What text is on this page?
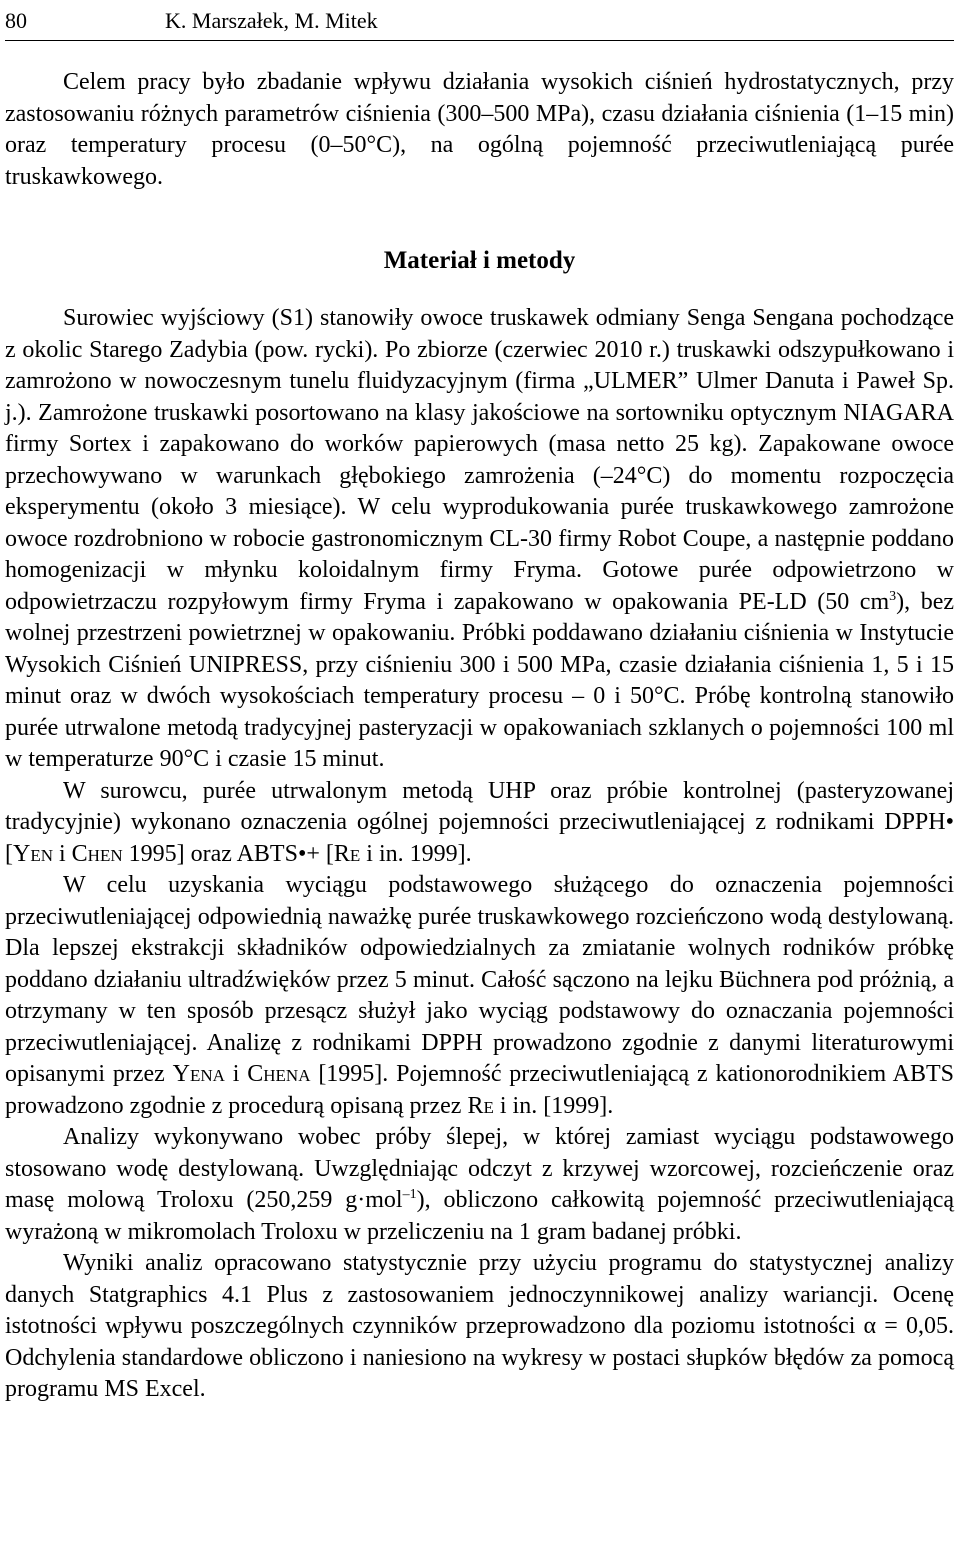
80	K. Marszałek, M. Mitek

Celem pracy było zbadanie wpływu działania wysokich ciśnień hydrostatycznych, przy zastosowaniu różnych parametrów ciśnienia (300–500 MPa), czasu działania ciśnienia (1–15 min) oraz temperatury procesu (0–50°C), na ogólną pojemność przeciwutleniającą purée truskawkowego.

Materiał i metody

Surowiec wyjściowy (S1) stanowiły owoce truskawek odmiany Senga Sengana pochodzące z okolic Starego Zadybia (pow. rycki). Po zbiorze (czerwiec 2010 r.) truskawki odszypułkowano i zamrożono w nowoczesnym tunelu fluidyzacyjnym (firma „ULMER” Ulmer Danuta i Paweł Sp. j.). Zamrożone truskawki posortowano na klasy jakościowe na sortowniku optycznym NIAGARA firmy Sortex i zapakowano do worków papierowych (masa netto 25 kg). Zapakowane owoce przechowywano w warunkach głębokiego zamrożenia (–24°C) do momentu rozpoczęcia eksperymentu (około 3 miesiące). W celu wyprodukowania purée truskawkowego zamrożone owoce rozdrobniono w robocie gastronomicznym CL-30 firmy Robot Coupe, a następnie poddano homogenizacji w młynku koloidalnym firmy Fryma. Gotowe purée odpowietrzono w odpowietrzaczu rozpyłowym firmy Fryma i zapakowano w opakowania PE-LD (50 $cm^3$), bez wolnej przestrzeni powietrznej w opakowaniu. Próbki poddawano działaniu ciśnienia w Instytucie Wysokich Ciśnień UNIPRESS, przy ciśnieniu 300 i 500 MPa, czasie działania ciśnienia 1, 5 i 15 minut oraz w dwóch wysokościach temperatury procesu – 0 i 50°C. Próbę kontrolną stanowiło purée utrwalone metodą tradycyjnej pasteryzacji w opakowaniach szklanych o pojemności 100 ml w temperaturze 90°C i czasie 15 minut.

W surowcu, purée utrwalonym metodą UHP oraz próbie kontrolnej (pasteryzowanej tradycyjnie) wykonano oznaczenia ogólnej pojemności przeciwutleniającej z rodnikami DPPH• [Yen i Chen 1995] oraz ABTS•+ [Re i in. 1999].

W celu uzyskania wyciągu podstawowego służącego do oznaczenia pojemności przeciwutleniającej odpowiednią naważkę purée truskawkowego rozcieńczono wodą destylowaną. Dla lepszej ekstrakcji składników odpowiedzialnych za zmiatanie wolnych rodników próbkę poddano działaniu ultradźwięków przez 5 minut. Całość sączono na lejku Büchnera pod próżnią, a otrzymany w ten sposób przesącz służył jako wyciąg podstawowy do oznaczania pojemności przeciwutleniającej. Analizę z rodnikami DPPH prowadzono zgodnie z danymi literaturowymi opisanymi przez Yena i Chena [1995]. Pojemność przeciwutleniającą z kationorodnikiem ABTS prowadzono zgodnie z procedurą opisaną przez Re i in. [1999].

Analizy wykonywano wobec próby ślepej, w której zamiast wyciągu podstawowego stosowano wodę destylowaną. Uwzględniając odczyt z krzywej wzorcowej, rozcieńczenie oraz masę molową Troloxu (250,259 g·mol$^{-1}$), obliczono całkowitą pojemność przeciwutleniającą wyrażoną w mikromolach Troloxu w przeliczeniu na 1 gram badanej próbki.

Wyniki analiz opracowano statystycznie przy użyciu programu do statystycznej analizy danych Statgraphics 4.1 Plus z zastosowaniem jednoczynnikowej analizy wariancji. Ocenę istotności wpływu poszczególnych czynników przeprowadzono dla poziomu istotności α = 0,05. Odchylenia standardowe obliczono i naniesiono na wykresy w postaci słupków błędów za pomocą programu MS Excel.
